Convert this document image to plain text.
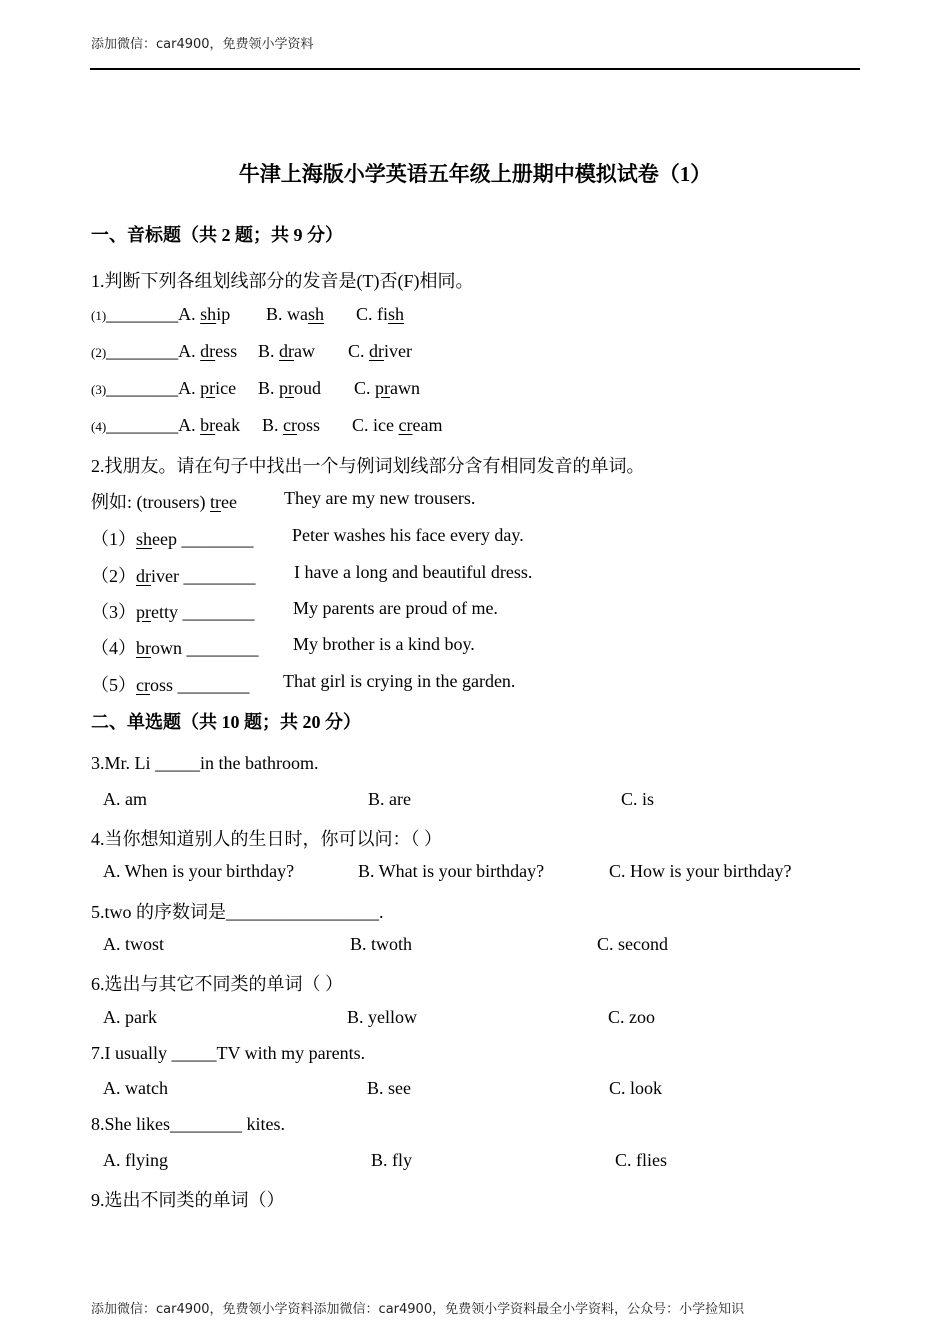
添加微信：car4900，免费领小学资料
牛津上海版小学英语五年级上册期中模拟试卷（1）
一、音标题（共 2 题；共 9 分）
1.判断下列各组划线部分的发音是(T)否(F)相同。
(1)________A. ship B. wash C. fish
(2)________A. dress B. draw C. driver
(3)________A. price B. proud C. prawn
(4)________A. break B. cross C. ice cream
2.找朋友。请在句子中找出一个与例词划线部分含有相同发音的单词。
例如: (trousers) tree	They are my new trousers.
（1）sheep ________ Peter washes his face every day.
（2）driver ________ I have a long and beautiful dress.
（3）pretty ________ My parents are proud of me.
（4）brown ________ My brother is a kind boy.
（5）cross ________ That girl is crying in the garden.
二、单选题（共 10 题；共 20 分）
3.Mr. Li _____in the bathroom.
A. am	B. are	C. is
4.当你想知道别人的生日时，你可以问：（ ）
A. When is your birthday?	B. What is your birthday?	C. How is your birthday?
5.two 的序数词是_________________.
A. twost	B. twoth	C. second
6.选出与其它不同类的单词（ ）
A. park	B. yellow	C. zoo
7.I usually _____TV with my parents.
A. watch	B. see	C. look
8.She likes________ kites.
A. flying	B. fly	C. flies
9.选出不同类的单词（）
添加微信：car4900，免费领小学资料添加微信：car4900，免费领小学资料最全小学资料，公众号：小学捡知识
